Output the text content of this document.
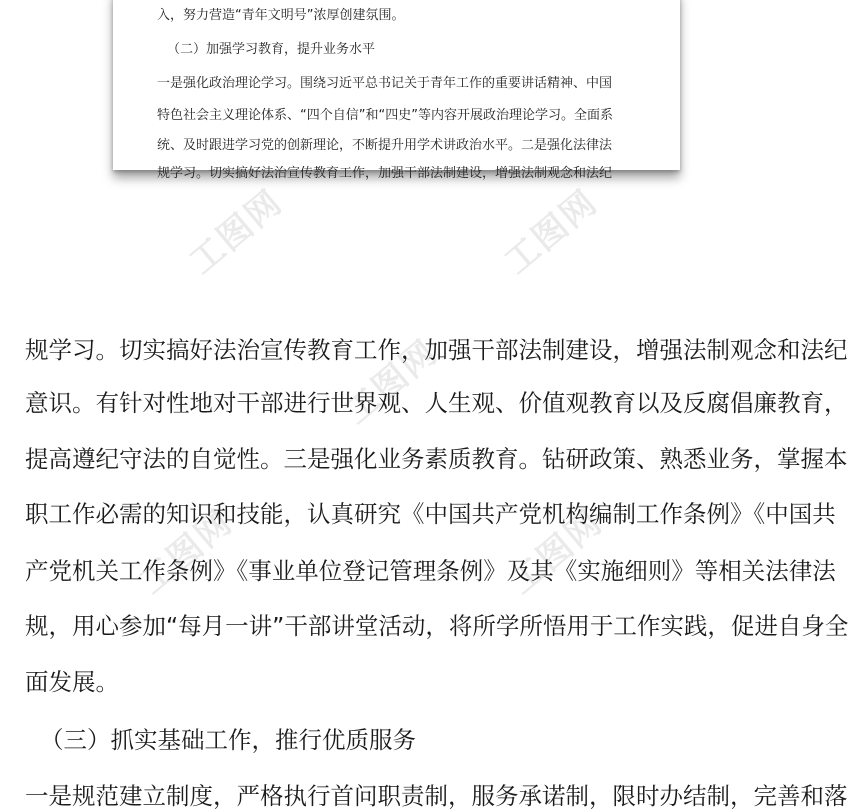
入，努力营造“青年文明号”浓厚创建氛围。
（二）加强学习教育，提升业务水平
一是强化政治理论学习。围绕习近平总书记关于青年工作的重要讲话精神、中国
特色社会主义理论体系、“四个自信”和“四史”等内容开展政治理论学习。全面系
统、及时跟进学习党的创新理论，不断提升用学术讲政治水平。二是强化法律法
规学习。切实搞好法治宣传教育工作，加强干部法制建设，增强法制观念和法纪
工图网	工图网
工图网
工图网	工图网
规学习。切实搞好法治宣传教育工作，加强干部法制建设，增强法制观念和法纪
意识。有针对性地对干部进行世界观、人生观、价值观教育以及反腐倡廉教育，
提高遵纪守法的自觉性。三是强化业务素质教育。钻研政策、熟悉业务，掌握本
职工作必需的知识和技能，认真研究《中国共产党机构编制工作条例》《中国共
产党机关工作条例》《事业单位登记管理条例》及其《实施细则》等相关法律法
规，用心参加“每月一讲”干部讲堂活动，将所学所悟用于工作实践，促进自身全
面发展。
（三）抓实基础工作，推行优质服务
一是规范建立制度，严格执行首问职责制，服务承诺制，限时办结制，完善和落
